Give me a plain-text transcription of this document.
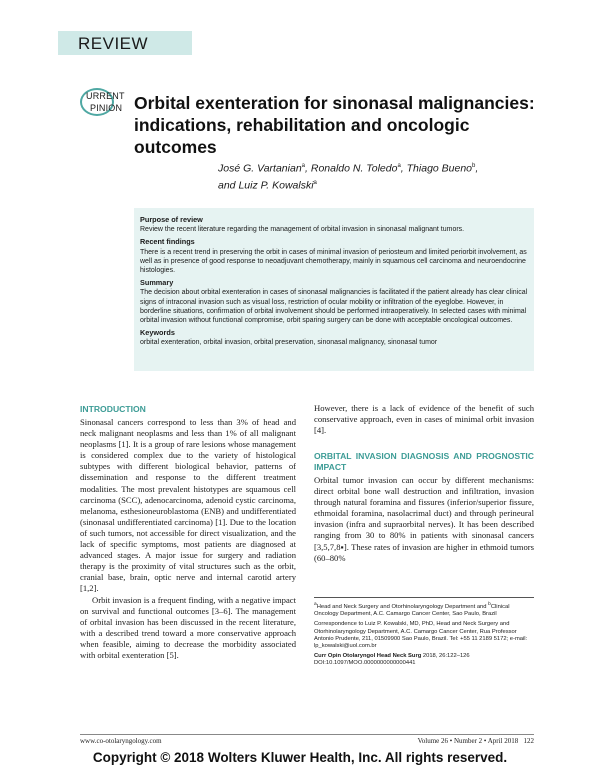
REVIEW
URRENT
PINION Orbital exenteration for sinonasal malignancies: indications, rehabilitation and oncologic outcomes
José G. Vartanian$^a$, Ronaldo N. Toledo$^a$, Thiago Bueno$^b$,
and Luiz P. Kowalski$^a$
Purpose of review

Review the recent literature regarding the management of orbital invasion in sinonasal malignant tumors.

Recent findings

There is a recent trend in preserving the orbit in cases of minimal invasion of periosteum and limited periorbit involvement, as well as in presence of good response to neoadjuvant chemotherapy, mainly in squamous cell carcinoma and neuroendocrine histologies.

Summary

The decision about orbital exenteration in cases of sinonasal malignancies is facilitated if the patient already has clear clinical signs of intraconal invasion such as visual loss, restriction of ocular mobility or infiltration of the eyeglobe. However, in borderline situations, confirmation of orbital involvement should be performed intraoperatively. In selected cases with minimal orbital invasion without functional compromise, orbit sparing surgery can be done with acceptable oncological outcomes.

Keywords

orbital exenteration, orbital invasion, orbital preservation, sinonasal malignancy, sinonasal tumor

INTRODUCTION

Sinonasal cancers correspond to less than 3% of head and neck malignant neoplasms and less than 1% of all malignant neoplasms [1]. It is a group of rare lesions whose management is considered complex due to the variety of histological subtypes with different biological behavior, patterns of dissemination and response to the different treatment modalities. The most prevalent histotypes are squamous cell carcinoma (SCC), adenocarcinoma, adenoid cystic carcinoma, melanoma, esthesioneuroblastoma (ENB) and undifferentiated (sinonasal undifferentiated carcinoma) [1]. Due to the location of such tumors, not accessible for direct visualization, and the lack of specific symptoms, most patients are diagnosed at advanced stages. A major issue for surgery and radiation therapy is the proximity of vital structures such as the orbit, cranial base, brain, optic nerve and internal carotid artery [1,2].

Orbit invasion is a frequent finding, with a negative impact on survival and functional outcomes [3–6]. The management of orbital invasion has been discussed in the recent literature, with a described trend toward a more conservative approach when feasible, aiming to decrease the morbidity associated with orbital exenteration [5].

However, there is a lack of evidence of the benefit of such conservative approach, even in cases of minimal orbit invasion [4].

ORBITAL INVASION DIAGNOSIS AND PROGNOSTIC IMPACT

Orbital tumor invasion can occur by different mechanisms: direct orbital bone wall destruction and infiltration, invasion through natural foramina and fissures (inferior/superior fissure, ethmoidal foramina, nasolacrimal duct) and through perineural invasion (infra and supraorbital nerves). It has been described ranging from 30 to 80% in patients with sinonasal cancers [3,5,7,8▪]. These rates of invasion are higher in ethmoid tumors (60–80%

$^a$Head and Neck Surgery and Otorhinolaryngology Department and $^b$Clinical Oncology Department, A.C. Camargo Cancer Center, Sao Paulo, Brazil

Correspondence to Luiz P. Kowalski, MD, PhD, Head and Neck Surgery and Otorhinolaryngology Department, A.C. Camargo Cancer Center, Rua Professor Antonio Prudente, 211, 01509900 Sao Paulo, Brazil. Tel: +55 11 2189 5172; e-mail: lp_kowalski@uol.com.br

Curr Opin Otolaryngol Head Neck Surg 2018, 26:122–126

DOI:10.1097/MOO.0000000000000441

www.co-otolaryngology.com	Volume 26 • Number 2 • April 2018 122
Copyright © 2018 Wolters Kluwer Health, Inc. All rights reserved.
